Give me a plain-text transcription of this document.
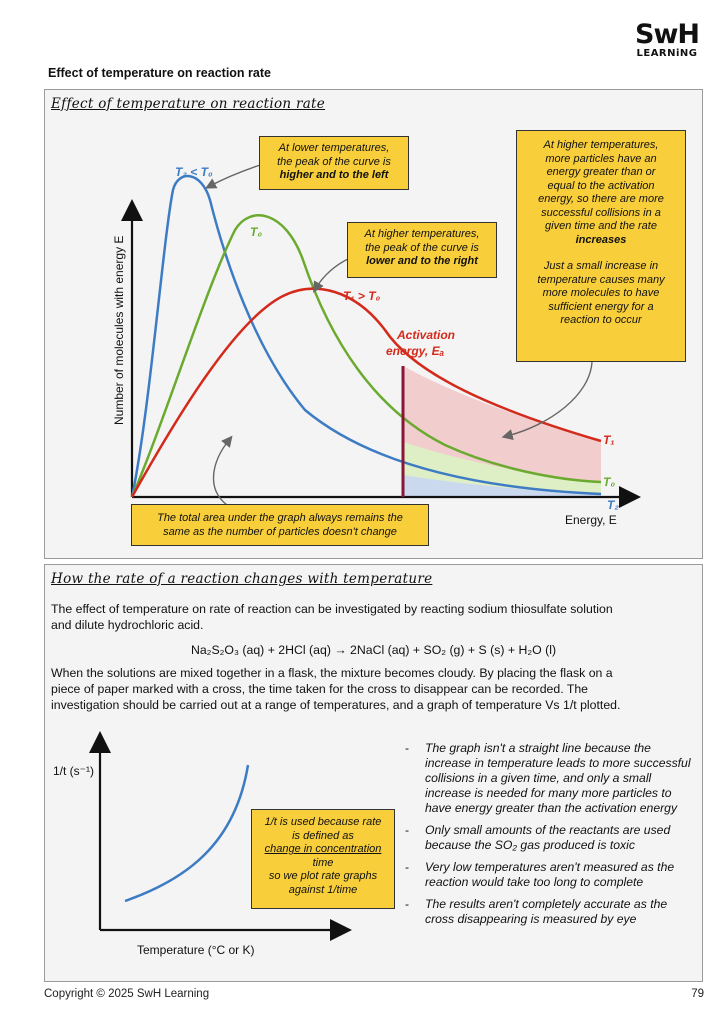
SwH
LEARNiNG
Effect of temperature on reaction rate
Effect of temperature on reaction rate
T₂ < T₀
T₀
T₁ > T₀
Activation
energy, Eₐ
T₁
T₀
T₂
Number of molecules with energy E
Energy, E
At lower temperatures,
the peak of the curve is
higher and to the left
At higher temperatures,
the peak of the curve is
lower and to the right
At higher temperatures,
more particles have an
energy greater than or
equal to the activation
energy, so there are more
successful collisions in a
given time and the rate
increases
Just a small increase in
temperature causes many
more molecules to have
sufficient energy for a
reaction to occur
The total area under the graph always remains the
same as the number of particles doesn't change
How the rate of a reaction changes with temperature
The effect of temperature on rate of reaction can be investigated by reacting sodium thiosulfate solution
and dilute hydrochloric acid.
Na₂S₂O₃ (aq) + 2HCl (aq) → 2NaCl (aq) + SO₂ (g) + S (s) + H₂O (l)
When the solutions are mixed together in a flask, the mixture becomes cloudy. By placing the flask on a
piece of paper marked with a cross, the time taken for the cross to disappear can be recorded. The
investigation should be carried out at a range of temperatures, and a graph of temperature Vs 1/t plotted.
1/t (s⁻¹)
Temperature (°C or K)
1/t is used because rate
is defined as
change in concentration
time
so we plot rate graphs
against 1/time
- The graph isn't a straight line because the increase in temperature leads to more successful collisions in a given time, and only a small increase is needed for many more particles to have energy greater than the activation energy
- Only small amounts of the reactants are used because the SO₂ gas produced is toxic
- Very low temperatures aren't measured as the reaction would take too long to complete
- The results aren't completely accurate as the cross disappearing is measured by eye
Copyright © 2025 SwH Learning	79
